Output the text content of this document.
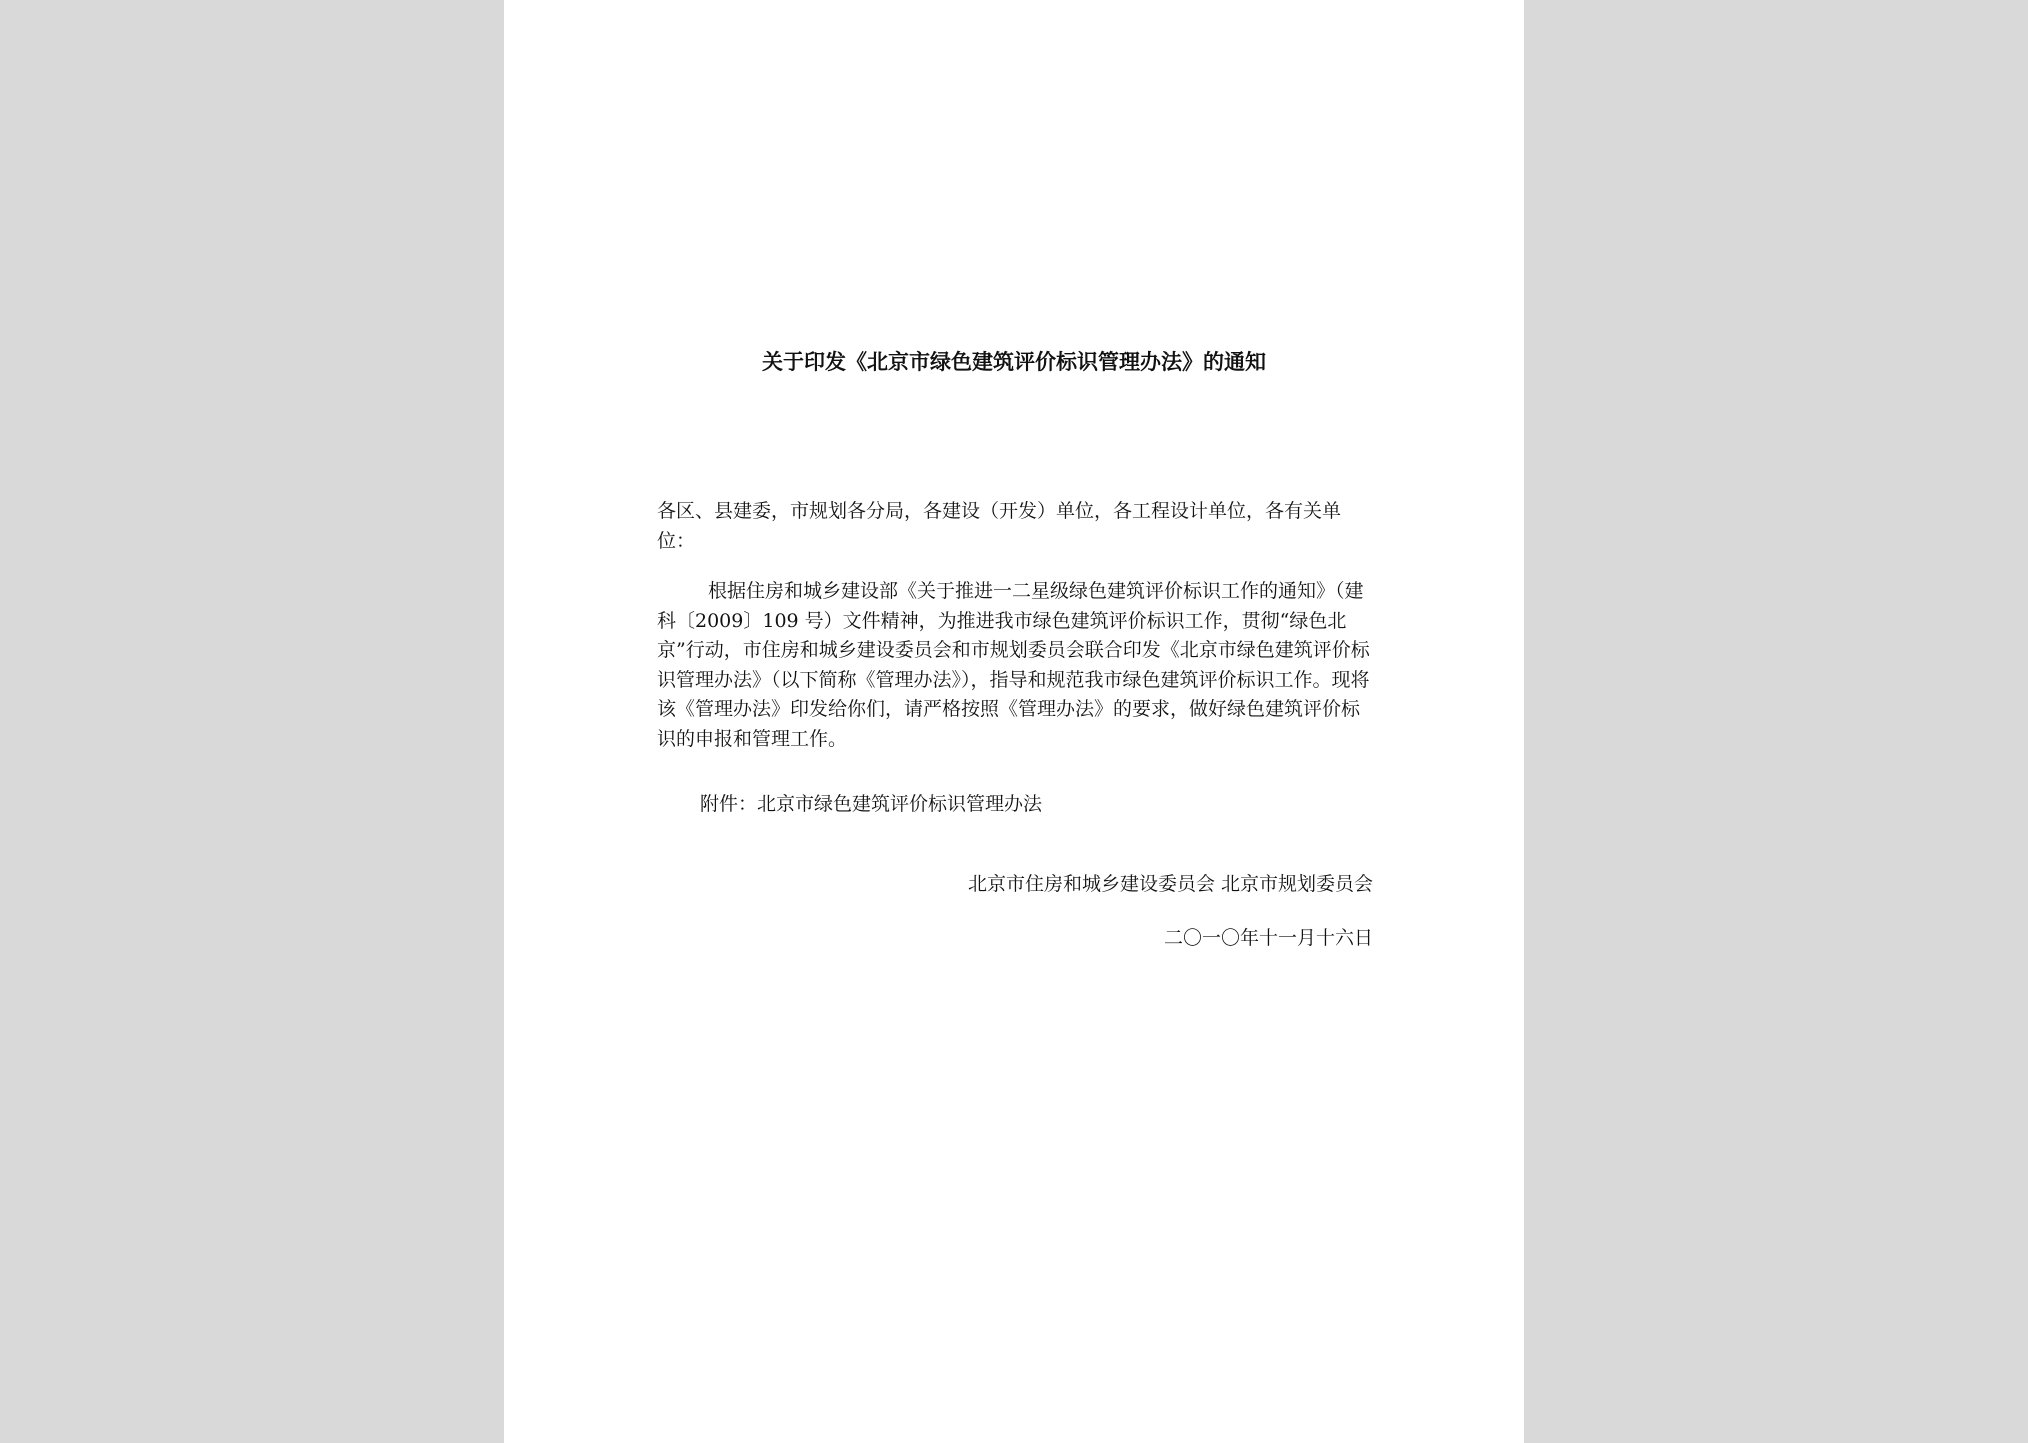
关于印发《北京市绿色建筑评价标识管理办法》的通知

各区、县建委，市规划各分局，各建设（开发）单位，各工程设计单位，各有关单位：

根据住房和城乡建设部《关于推进一二星级绿色建筑评价标识工作的通知》（建科〔2009〕109 号）文件精神，为推进我市绿色建筑评价标识工作，贯彻“绿色北京”行动，市住房和城乡建设委员会和市规划委员会联合印发《北京市绿色建筑评价标识管理办法》（以下简称《管理办法》），指导和规范我市绿色建筑评价标识工作。现将该《管理办法》印发给你们，请严格按照《管理办法》的要求，做好绿色建筑评价标识的申报和管理工作。

附件：北京市绿色建筑评价标识管理办法
北京市住房和城乡建设委员会 北京市规划委员会
二〇一〇年十一月十六日
